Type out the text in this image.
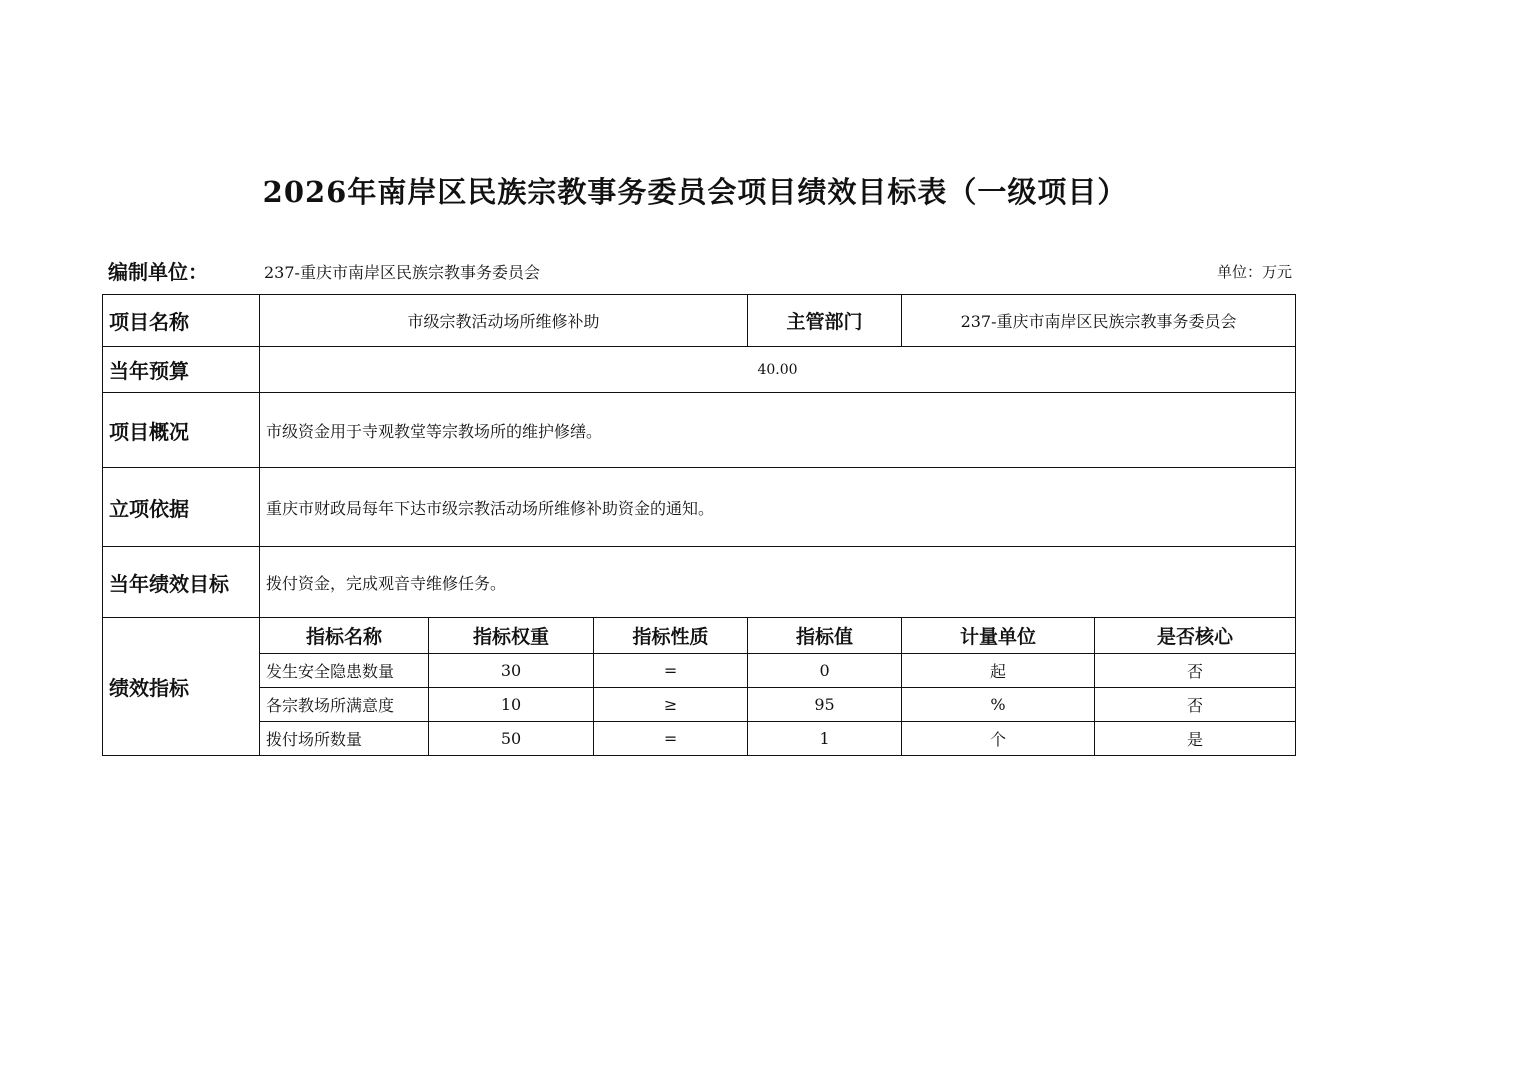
2026年南岸区民族宗教事务委员会项目绩效目标表（一级项目）
编制单位：	237-重庆市南岸区民族宗教事务委员会	单位：万元
项目名称	市级宗教活动场所维修补助			主管部门	237-重庆市南岸区民族宗教事务委员会	
当年预算	40.00					
项目概况	市级资金用于寺观教堂等宗教场所的维护修缮。					
立项依据	重庆市财政局每年下达市级宗教活动场所维修补助资金的通知。					
当年绩效目标	拨付资金，完成观音寺维修任务。					
绩效指标	指标名称	指标权重	指标性质	指标值	计量单位	是否核心
	发生安全隐患数量	30	=	0	起	否
	各宗教场所满意度	10	≥	95	%	否
	拨付场所数量	50	=	1	个	是
